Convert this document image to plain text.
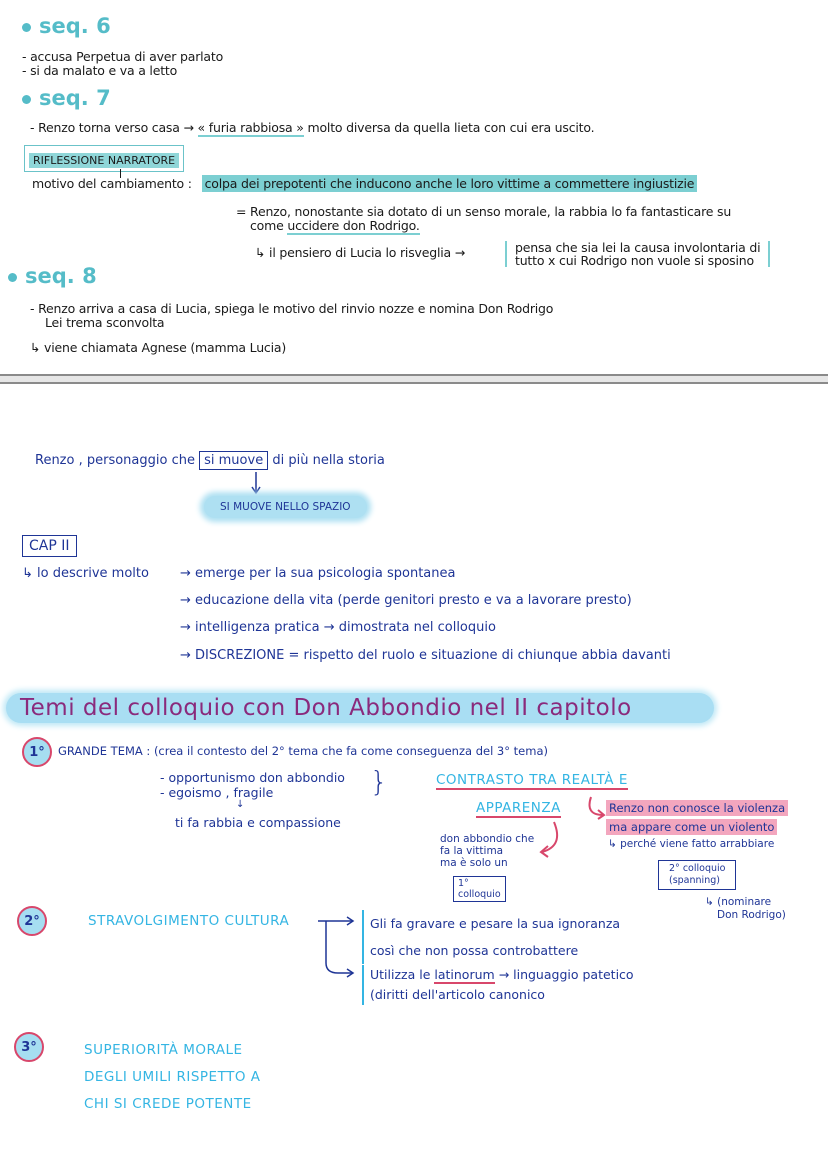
seq. 6
- accusa Perpetua di aver parlato
- si da malato e va a letto
seq. 7
- Renzo torna verso casa → « furia rabbiosa » molto diversa da quella lieta con cui era uscito.
RIFLESSIONE NARRATORE
motivo del cambiamento : colpa dei prepotenti che inducono anche le loro vittime a commettere ingiustizie
= Renzo, nonostante sia dotato di un senso morale, la rabbia lo fa fantasticare su
come uccidere don Rodrigo.
↳ il pensiero di Lucia lo risveglia →	pensa che sia lei la causa involontaria di
tutto x cui Rodrigo non vuole si sposino
seq. 8
- Renzo arriva a casa di Lucia, spiega le motivo del rinvio nozze e nomina Don Rodrigo
Lei trema sconvolta
↳ viene chiamata Agnese (mamma Lucia)
Renzo , personaggio che si muove di più nella storia
SI MUOVE NELLO SPAZIO
CAP II
↳ lo descrive molto → emerge per la sua psicologia spontanea
→ educazione della vita (perde genitori presto e va a lavorare presto)
→ intelligenza pratica → dimostrata nel colloquio
→ DISCREZIONE = rispetto del ruolo e situazione di chiunque abbia davanti
Temi del colloquio con Don Abbondio nel II capitolo
1°	GRANDE TEMA : (crea il contesto del 2° tema che fa come conseguenza del 3° tema)
- opportunismo don abbondio
- egoismo , fragile	}
↓
ti fa rabbia e compassione
CONTRASTO TRA REALTÀ E
APPARENZA	Renzo non conosce la violenza
ma appare come un violento
↳ perché viene fatto arrabbiare
don abbondio che
fa la vittima
ma è solo un
1°
colloquio
2° colloquio
(spanning)
↳ (nominare
Don Rodrigo)
2°	STRAVOLGIMENTO CULTURA	Gli fa gravare e pesare la sua ignoranza
così che non possa controbattere
Utilizza le latinorum → linguaggio patetico
(diritti dell'articolo canonico
3°	SUPERIORITÀ MORALE
DEGLI UMILI RISPETTO A
CHI SI CREDE POTENTE
